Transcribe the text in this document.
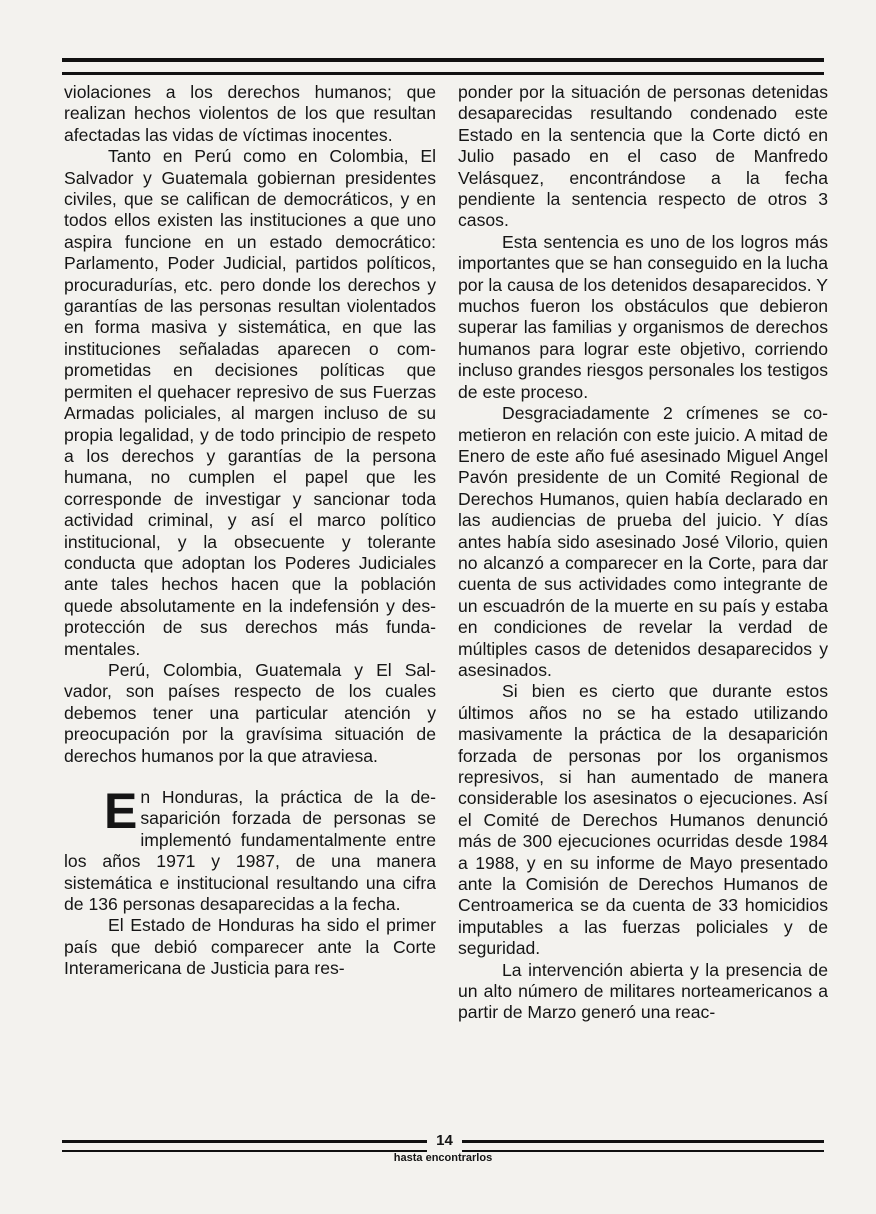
violaciones a los derechos humanos; que realizan hechos violentos de los que resultan afectadas las vidas de víctimas inocentes.

Tanto en Perú como en Colombia, El Salvador y Guatemala gobiernan presidentes civiles, que se califican de democráticos, y en todos ellos existen las instituciones a que uno aspira funcione en un estado democrático: Parlamento, Poder Judicial, partidos políticos, procuradurías, etc. pero donde los derechos y garantías de las personas resultan violentados en forma masiva y sistemática, en que las instituciones señaladas aparecen o comprometidas en decisiones políticas que permiten el quehacer represivo de sus Fuerzas Armadas policiales, al margen incluso de su propia legalidad, y de todo principio de respeto a los derechos y garantías de la persona humana, no cumplen el papel que les corresponde de investigar y sancionar toda actividad criminal, y así el marco político institucional, y la obsecuente y tolerante conducta que adoptan los Poderes Judiciales ante tales hechos hacen que la población quede absolutamente en la indefensión y desprotección de sus derechos más fundamentales.

Perú, Colombia, Guatemala y El Salvador, son países respecto de los cuales debemos tener una particular atención y preocupación por la gravísima situación de derechos humanos por la que atraviesa.

En Honduras, la práctica de la desaparición forzada de personas se implementó fundamentalmente entre los años 1971 y 1987, de una manera sistemática e institucional resultando una cifra de 136 personas desaparecidas a la fecha.

El Estado de Honduras ha sido el primer país que debió comparecer ante la Corte Interamericana de Justicia para res-

ponder por la situación de personas detenidas desaparecidas resultando condenado este Estado en la sentencia que la Corte dictó en Julio pasado en el caso de Manfredo Velásquez, encontrándose a la fecha pendiente la sentencia respecto de otros 3 casos.

Esta sentencia es uno de los logros más importantes que se han conseguido en la lucha por la causa de los detenidos desaparecidos. Y muchos fueron los obstáculos que debieron superar las familias y organismos de derechos humanos para lograr este objetivo, corriendo incluso grandes riesgos personales los testigos de este proceso.

Desgraciadamente 2 crímenes se cometieron en relación con este juicio. A mitad de Enero de este año fué asesinado Miguel Angel Pavón presidente de un Comité Regional de Derechos Humanos, quien había declarado en las audiencias de prueba del juicio. Y días antes había sido asesinado José Vilorio, quien no alcanzó a comparecer en la Corte, para dar cuenta de sus actividades como integrante de un escuadrón de la muerte en su país y estaba en condiciones de revelar la verdad de múltiples casos de detenidos desaparecidos y asesinados.

Si bien es cierto que durante estos últimos años no se ha estado utilizando masivamente la práctica de la desaparición forzada de personas por los organismos represivos, si han aumentado de manera considerable los asesinatos o ejecuciones. Así el Comité de Derechos Humanos denunció más de 300 ejecuciones ocurridas desde 1984 a 1988, y en su informe de Mayo presentado ante la Comisión de Derechos Humanos de Centroamerica se da cuenta de 33 homicidios imputables a las fuerzas policiales y de seguridad.

La intervención abierta y la presencia de un alto número de militares norteamericanos a partir de Marzo generó una reac-

14
hasta encontrarlos
